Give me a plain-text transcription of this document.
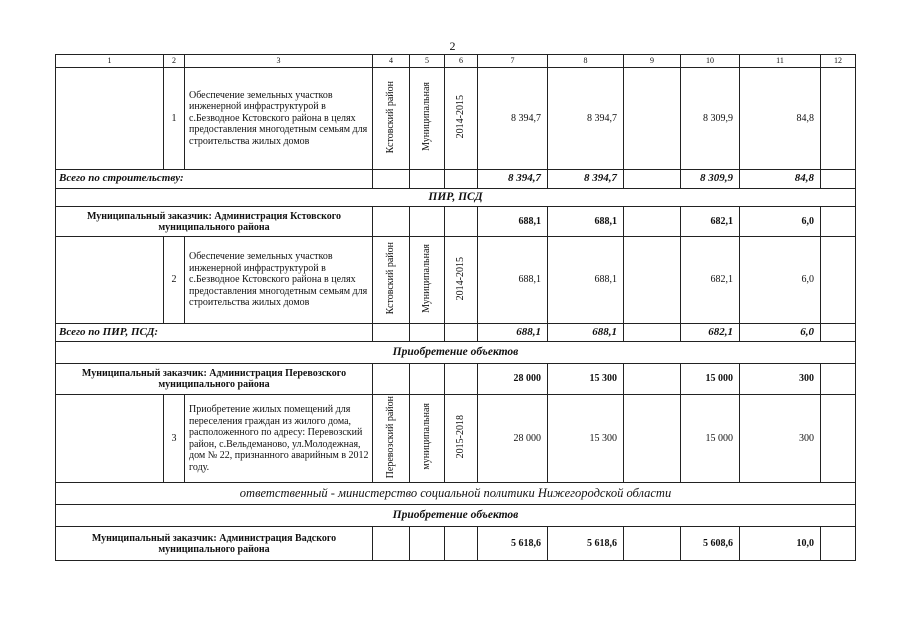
2
1	2	3	4	5	6	7	8	9	10	11	12
	1	Обеспечение земельных участков инженерной инфраструктурой в с.Безводное Кстовского района в целях предоставления многодетным семьям для строительства жилых домов	Кстовский район	Муниципальная	2014-2015	8 394,7	8 394,7		8 309,9	84,8	
Всего по строительству:						8 394,7	8 394,7		8 309,9	84,8	
ПИР, ПСД											
Муниципальный заказчик: Администрация Кстовского муниципального района						688,1	688,1		682,1	6,0	
	2	Обеспечение земельных участков инженерной инфраструктурой в с.Безводное Кстовского района в целях предоставления многодетным семьям для строительства жилых домов	Кстовский район	Муниципальная	2014-2015	688,1	688,1		682,1	6,0	
Всего по ПИР, ПСД:						688,1	688,1		682,1	6,0	
Приобретение объектов											
Муниципальный заказчик: Администрация Перевозского муниципального района						28 000	15 300		15 000	300	
	3	Приобретение жилых помещений для переселения граждан из жилого дома, расположенного по адресу: Перевозский район, с.Вельдеманово, ул.Молодежная, дом № 22, признанного аварийным в 2012 году.	Перевозский район	муниципальная	2015-2018	28 000	15 300		15 000	300	
ответственный - министерство социальной политики Нижегородской области											
Приобретение объектов											
Муниципальный заказчик: Администрация Вадского муниципального района						5 618,6	5 618,6		5 608,6	10,0	
